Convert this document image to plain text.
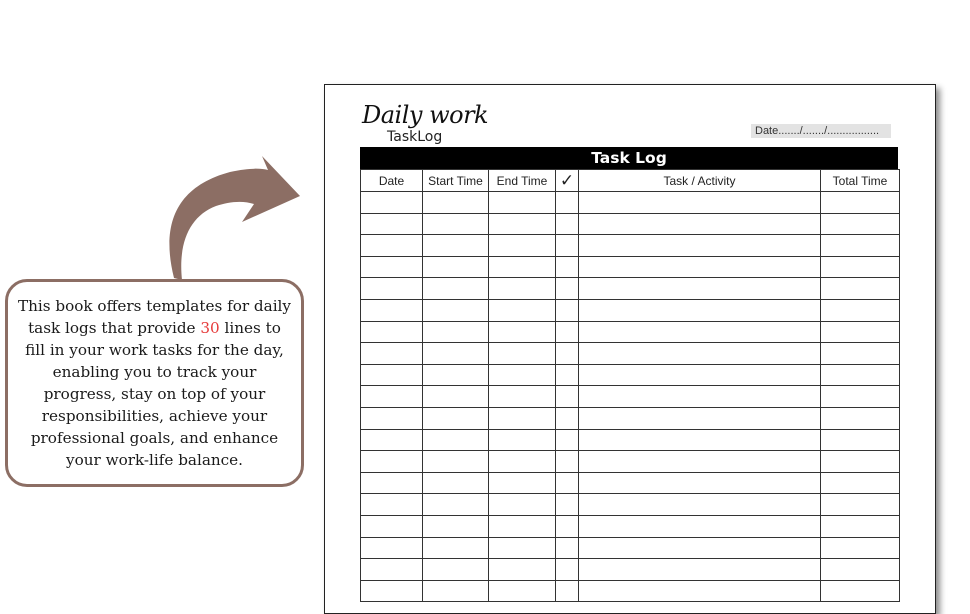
This book offers templates for daily task logs that provide 30 lines to fill in your work tasks for the day, enabling you to track your progress, stay on top of your responsibilities, achieve your professional goals, and enhance your work-life balance.

Daily work
TaskLog	Date......./......./.................
Task Log
Date	Start Time	End Time	✓	Task / Activity	Total Time
